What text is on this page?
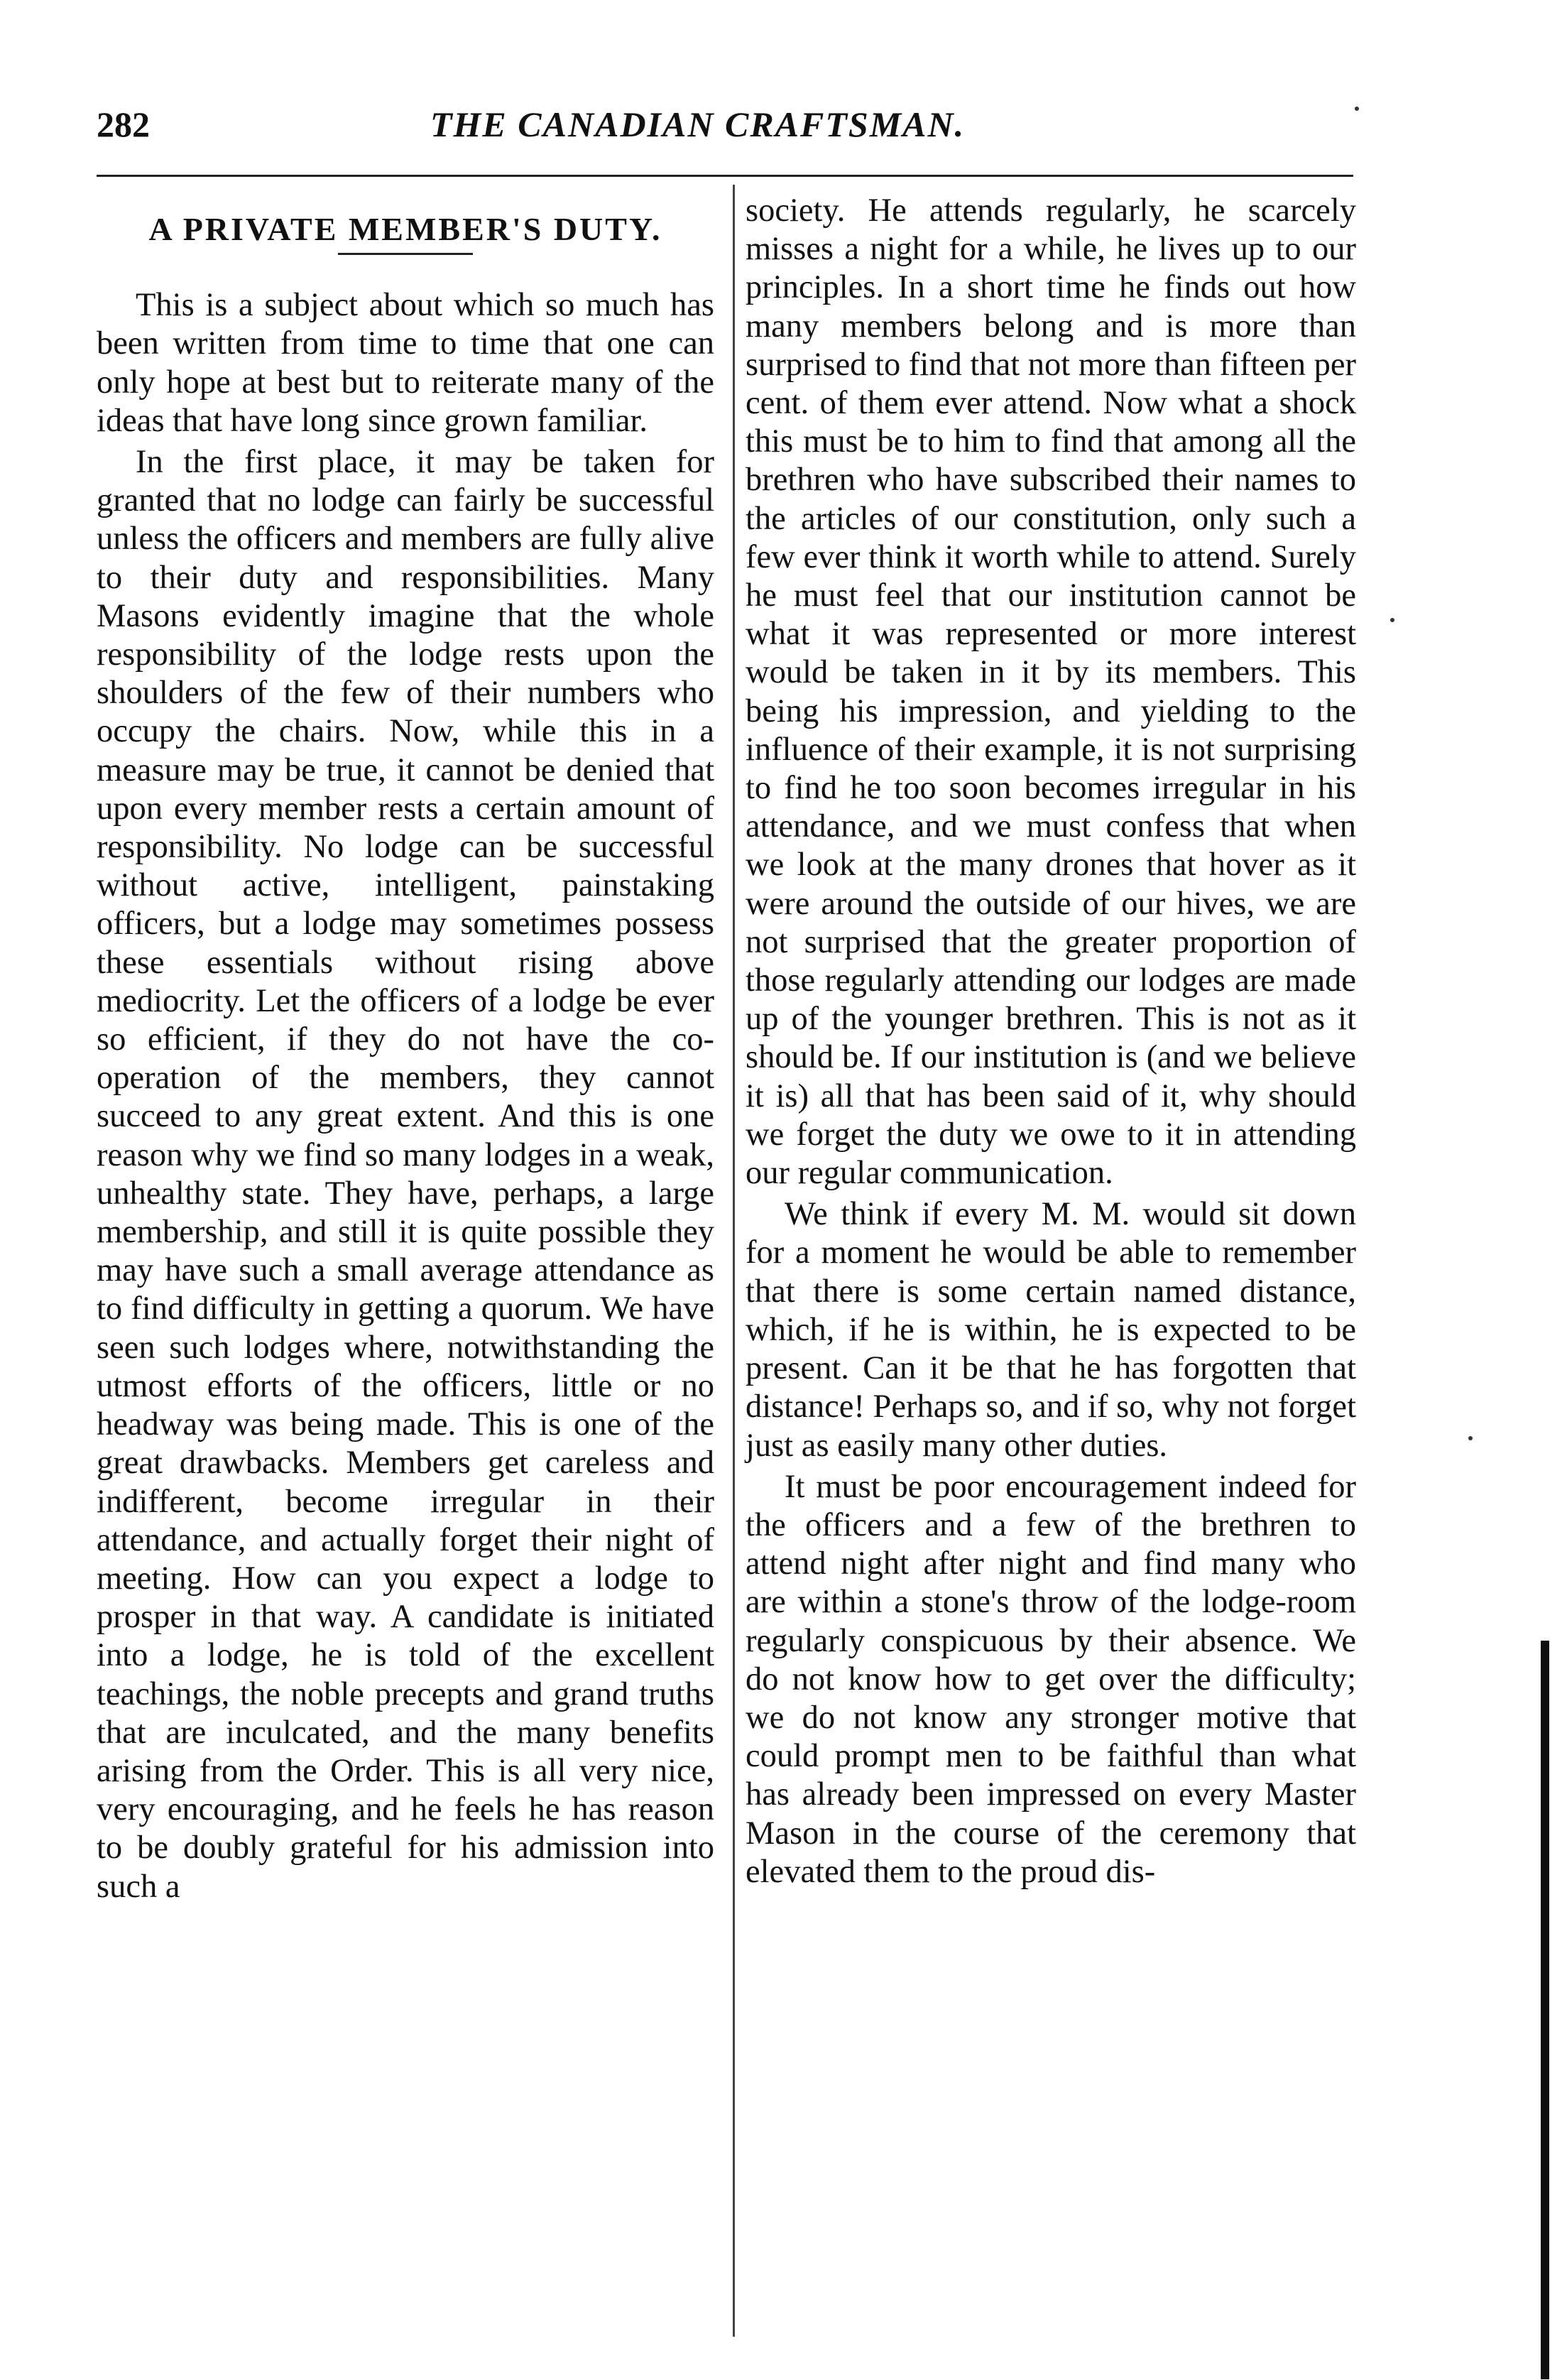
282	THE CANADIAN CRAFTSMAN.
A PRIVATE MEMBER'S DUTY.

This is a subject about which so much has been written from time to time that one can only hope at best but to reiterate many of the ideas that have long since grown familiar.

In the first place, it may be taken for granted that no lodge can fairly be successful unless the officers and members are fully alive to their duty and responsibilities. Many Masons evidently imagine that the whole responsibility of the lodge rests upon the shoulders of the few of their numbers who occupy the chairs. Now, while this in a measure may be true, it cannot be denied that upon every member rests a certain amount of responsibility. No lodge can be successful without active, intelligent, painstaking officers, but a lodge may sometimes possess these essentials without rising above mediocrity. Let the officers of a lodge be ever so efficient, if they do not have the co-operation of the members, they cannot succeed to any great extent. And this is one reason why we find so many lodges in a weak, unhealthy state. They have, perhaps, a large membership, and still it is quite possible they may have such a small average attendance as to find difficulty in getting a quorum. We have seen such lodges where, notwithstanding the utmost efforts of the officers, little or no headway was being made. This is one of the great drawbacks. Members get careless and indifferent, become irregular in their attendance, and actually forget their night of meeting. How can you expect a lodge to prosper in that way. A candidate is initiated into a lodge, he is told of the excellent teachings, the noble precepts and grand truths that are inculcated, and the many benefits arising from the Order. This is all very nice, very encouraging, and he feels he has reason to be doubly grateful for his admission into such a

society. He attends regularly, he scarcely misses a night for a while, he lives up to our principles. In a short time he finds out how many members belong and is more than surprised to find that not more than fifteen per cent. of them ever attend. Now what a shock this must be to him to find that among all the brethren who have subscribed their names to the articles of our constitution, only such a few ever think it worth while to attend. Surely he must feel that our institution cannot be what it was represented or more interest would be taken in it by its members. This being his impression, and yielding to the influence of their example, it is not surprising to find he too soon becomes irregular in his attendance, and we must confess that when we look at the many drones that hover as it were around the outside of our hives, we are not surprised that the greater proportion of those regularly attending our lodges are made up of the younger brethren. This is not as it should be. If our institution is (and we believe it is) all that has been said of it, why should we forget the duty we owe to it in attending our regular communication.

We think if every M. M. would sit down for a moment he would be able to remember that there is some certain named distance, which, if he is within, he is expected to be present. Can it be that he has forgotten that distance! Perhaps so, and if so, why not forget just as easily many other duties.

It must be poor encouragement indeed for the officers and a few of the brethren to attend night after night and find many who are within a stone's throw of the lodge-room regularly conspicuous by their absence. We do not know how to get over the difficulty; we do not know any stronger motive that could prompt men to be faithful than what has already been impressed on every Master Mason in the course of the ceremony that elevated them to the proud dis-
